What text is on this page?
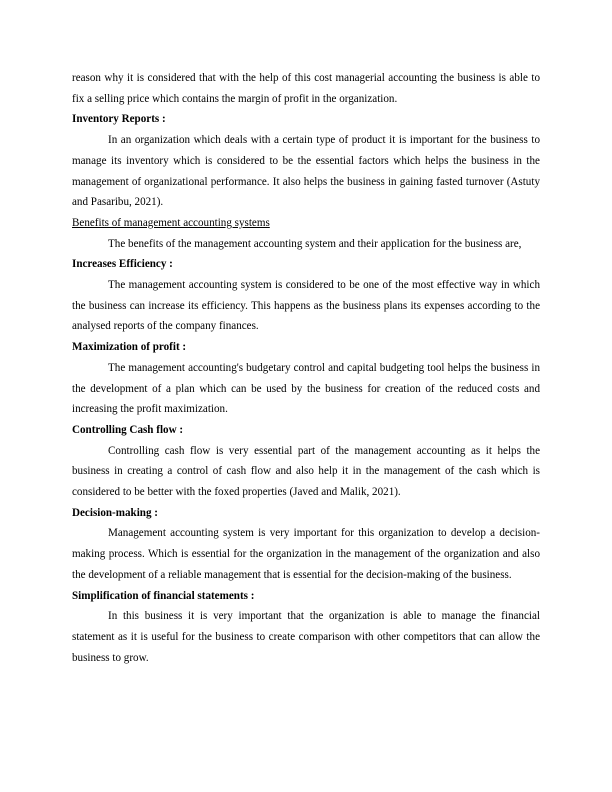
reason why it is considered that with the help of this cost managerial accounting the business is able to fix a selling price which contains the margin of profit in the organization.

Inventory Reports :

In an organization which deals with a certain type of product it is important for the business to manage its inventory which is considered to be the essential factors which helps the business in the management of organizational performance. It also helps the business in gaining fasted turnover (Astuty and Pasaribu, 2021).

Benefits of management accounting systems

The benefits of the management accounting system and their application for the business are,

Increases Efficiency :

The management accounting system is considered to be one of the most effective way in which the business can increase its efficiency. This happens as the business plans its expenses according to the analysed reports of the company finances.

Maximization of profit :

The management accounting's budgetary control and capital budgeting tool helps the business in the development of a plan which can be used by the business for creation of the reduced costs and increasing the profit maximization.

Controlling Cash flow :

Controlling cash flow is very essential part of the management accounting as it helps the business in creating a control of cash flow and also help it in the management of the cash which is considered to be better with the foxed properties (Javed and Malik, 2021).

Decision-making :

Management accounting system is very important for this organization to develop a decision-making process. Which is essential for the organization in the management of the organization and also the development of a reliable management that is essential for the decision-making of the business.

Simplification of financial statements :

In this business it is very important that the organization is able to manage the financial statement as it is useful for the business to create comparison with other competitors that can allow the business to grow.
